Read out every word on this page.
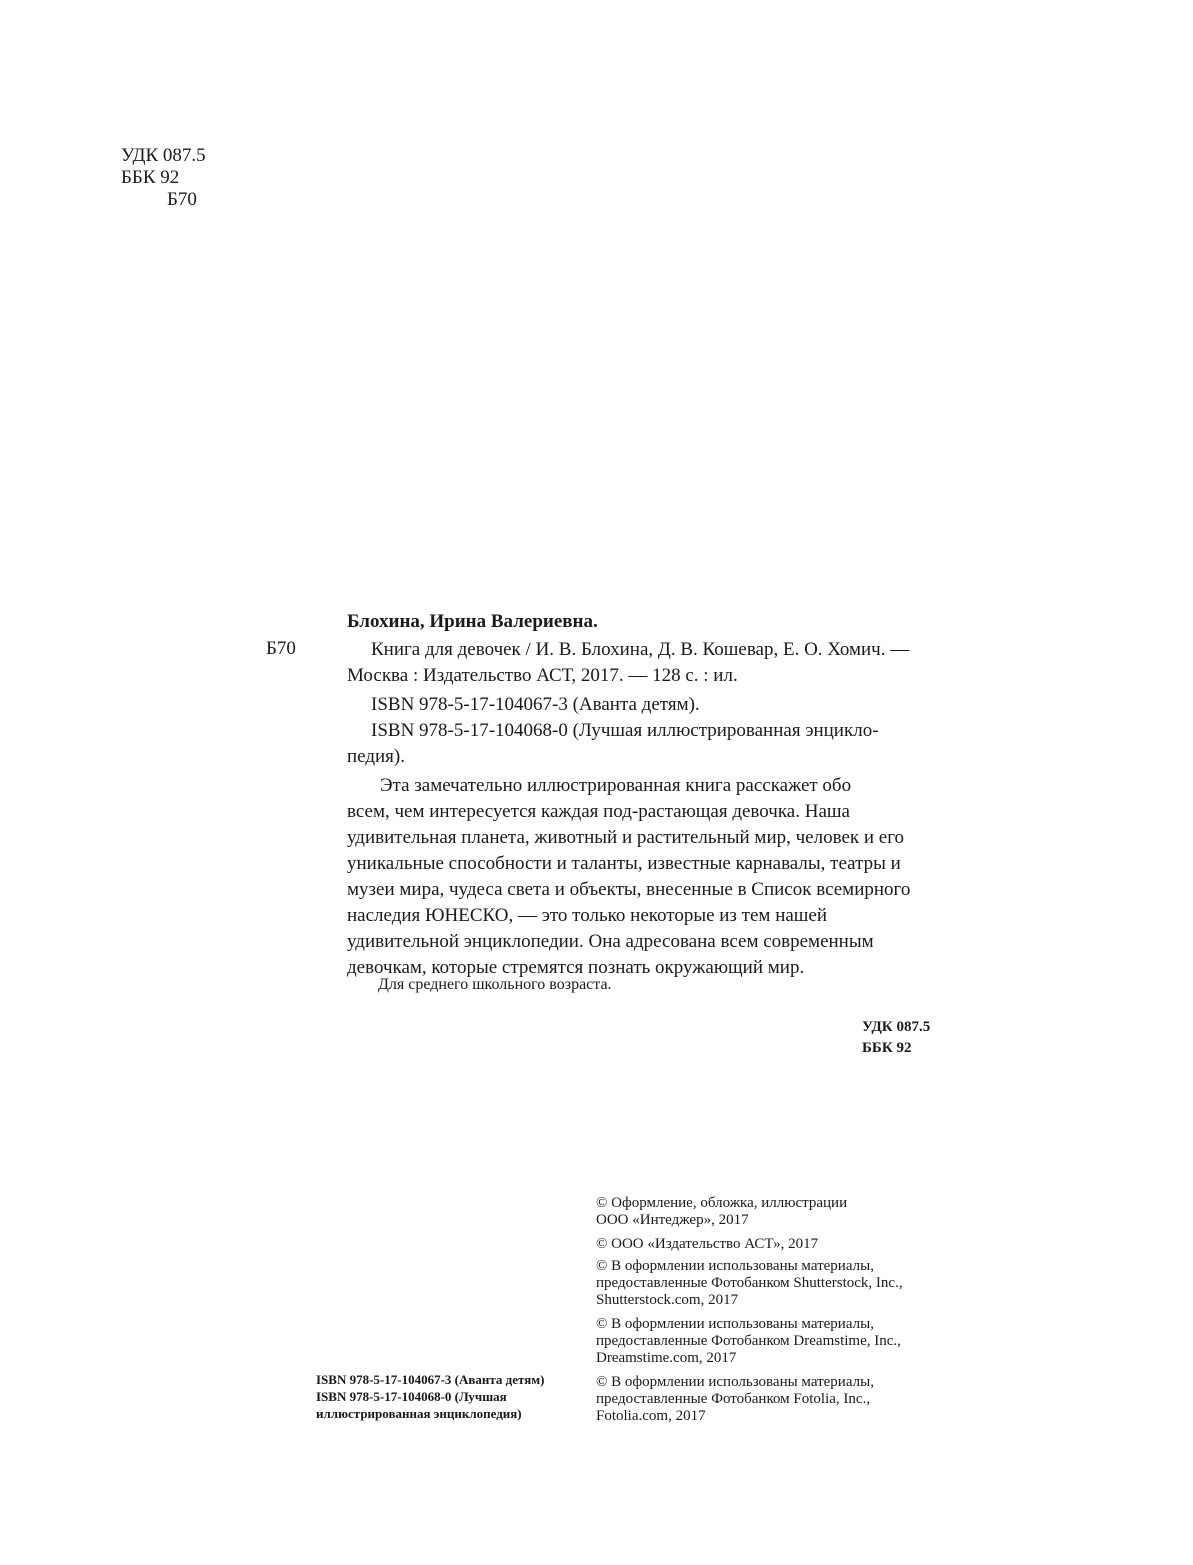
УДК 087.5
ББК 92
Б70
Блохина, Ирина Валериевна.
Б70	Книга для девочек / И. В. Блохина, Д. В. Кошевар, Е. О. Хомич. —
Москва : Издательство АСТ, 2017. — 128 с. : ил.
ISBN 978-5-17-104067-3 (Аванта детям).
ISBN 978-5-17-104068-0 (Лучшая иллюстрированная энцикло-
педия).
Эта замечательно иллюстрированная книга расскажет обо
всем, чем интересуется каждая под-растающая девочка. Наша
удивительная планета, животный и растительный мир, человек и его
уникальные способности и таланты, известные карнавалы, театры и
музеи мира, чудеса света и объекты, внесенные в Список всемирного
наследия ЮНЕСКО, — это только некоторые из тем нашей
удивительной энциклопедии. Она адресована всем современным
девочкам, которые стремятся познать окружающий мир.
Для среднего школьного возраста.
УДК 087.5
ББК 92
© Оформление, обложка, иллюстрации
ООО «Интеджер», 2017
© ООО «Издательство АСТ», 2017
© В оформлении использованы материалы,
предоставленные Фотобанком Shutterstock, Inc.,
Shutterstock.com, 2017
© В оформлении использованы материалы,
предоставленные Фотобанком Dreamstime, Inc.,
Dreamstime.com, 2017
© В оформлении использованы материалы,
предоставленные Фотобанком Fotolia, Inc.,
Fotolia.com, 2017
ISBN 978-5-17-104067-3 (Аванта детям)
ISBN 978-5-17-104068-0 (Лучшая
иллюстрированная энциклопедия)
